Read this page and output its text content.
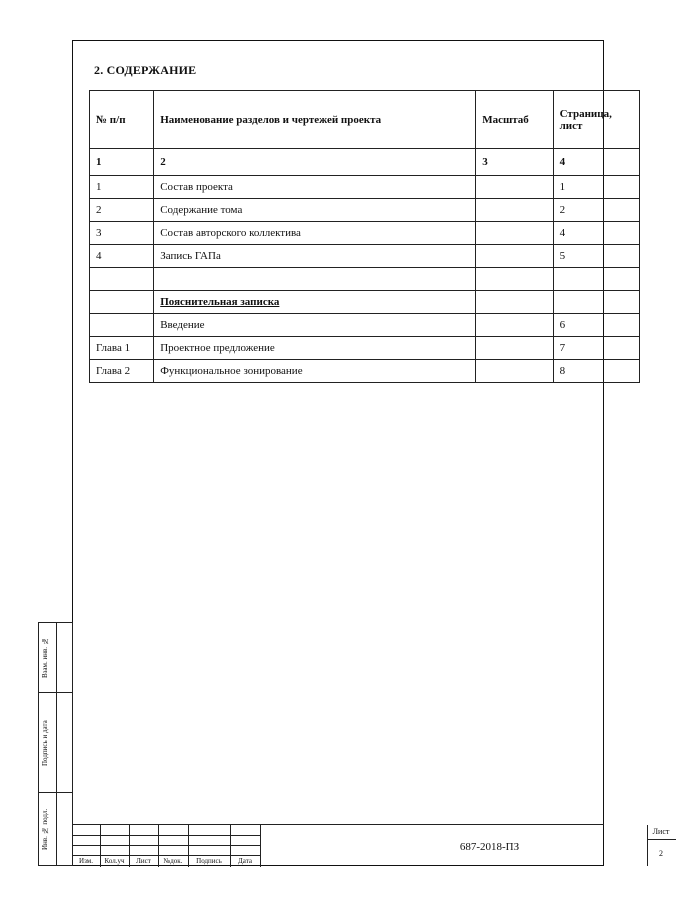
2. СОДЕРЖАНИЕ
№ п/п	Наименование разделов и чертежей проекта	Масштаб	Страница, лист
1	2	3	4
1	Состав проекта		1
2	Содержание тома		2
3	Состав авторского коллектива		4
4	Запись ГАПа		5

	Пояснительная записка		
	Введение		6
Глава 1	Проектное предложение		7
Глава 2	Функциональное зонирование		8
Взам. инв. №
Подпись и дата
Инв. № подл.
Изм.	Кол.уч	Лист	№док.	Подпись	Дата
687-2018-ПЗ
Лист
2
